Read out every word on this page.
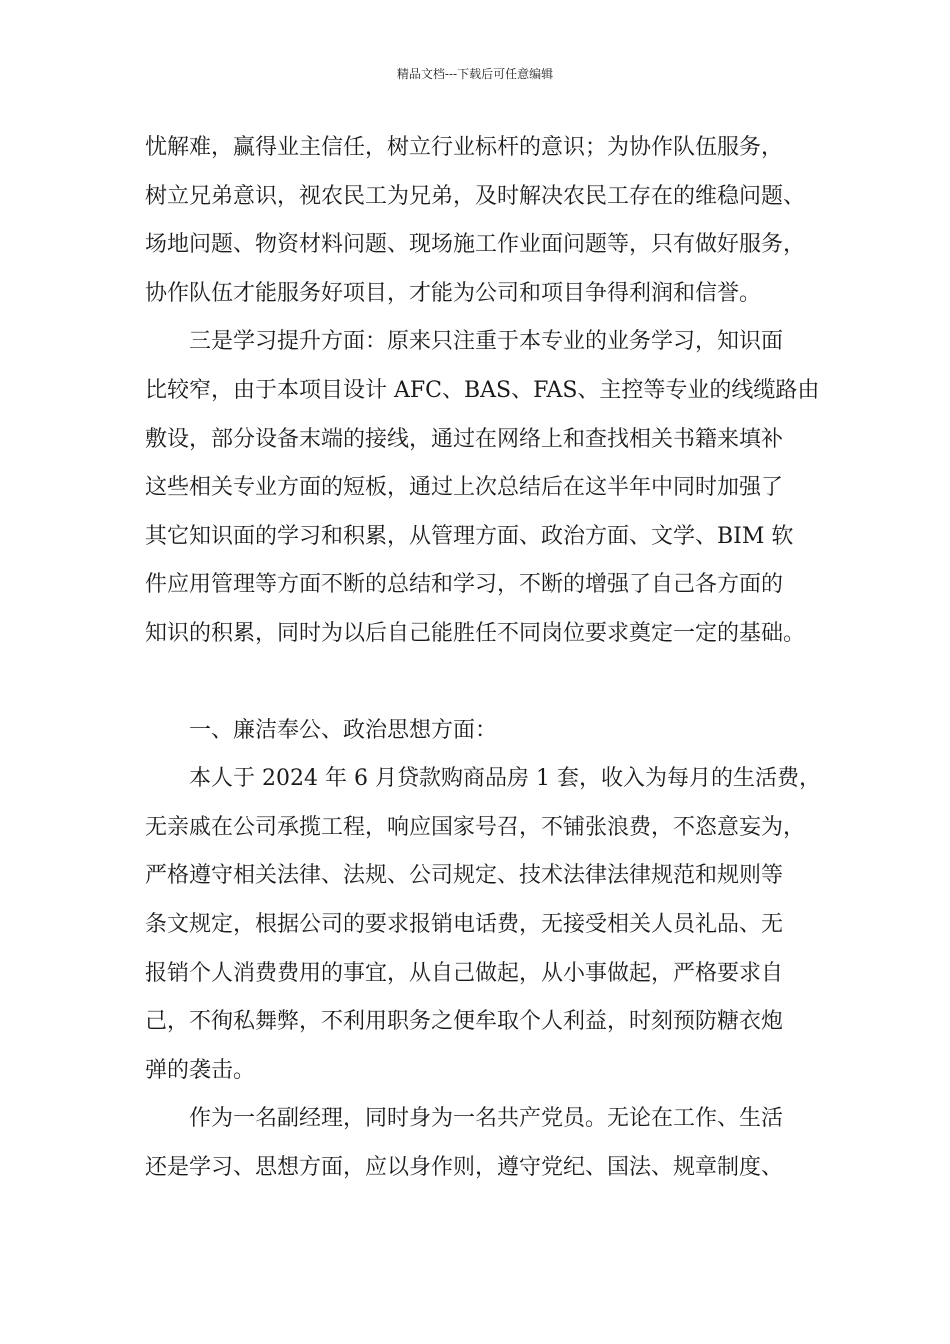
精品文档---下载后可任意编辑
忧解难，赢得业主信任，树立行业标杆的意识；为协作队伍服务，
树立兄弟意识，视农民工为兄弟，及时解决农民工存在的维稳问题、
场地问题、物资材料问题、现场施工作业面问题等，只有做好服务，
协作队伍才能服务好项目，才能为公司和项目争得利润和信誉。
三是学习提升方面：原来只注重于本专业的业务学习，知识面
比较窄，由于本项目设计 AFC、BAS、FAS、主控等专业的线缆路由
敷设，部分设备末端的接线，通过在网络上和查找相关书籍来填补
这些相关专业方面的短板，通过上次总结后在这半年中同时加强了
其它知识面的学习和积累，从管理方面、政治方面、文学、BIM 软
件应用管理等方面不断的总结和学习，不断的增强了自己各方面的
知识的积累，同时为以后自己能胜任不同岗位要求奠定一定的基础。
一、廉洁奉公、政治思想方面：
本人于 2024 年 6 月贷款购商品房 1 套，收入为每月的生活费，
无亲戚在公司承揽工程，响应国家号召，不铺张浪费，不恣意妄为，
严格遵守相关法律、法规、公司规定、技术法律法律规范和规则等
条文规定，根据公司的要求报销电话费，无接受相关人员礼品、无
报销个人消费费用的事宜，从自己做起，从小事做起，严格要求自
己，不徇私舞弊，不利用职务之便牟取个人利益，时刻预防糖衣炮
弹的袭击。
作为一名副经理，同时身为一名共产党员。无论在工作、生活
还是学习、思想方面，应以身作则，遵守党纪、国法、规章制度、
